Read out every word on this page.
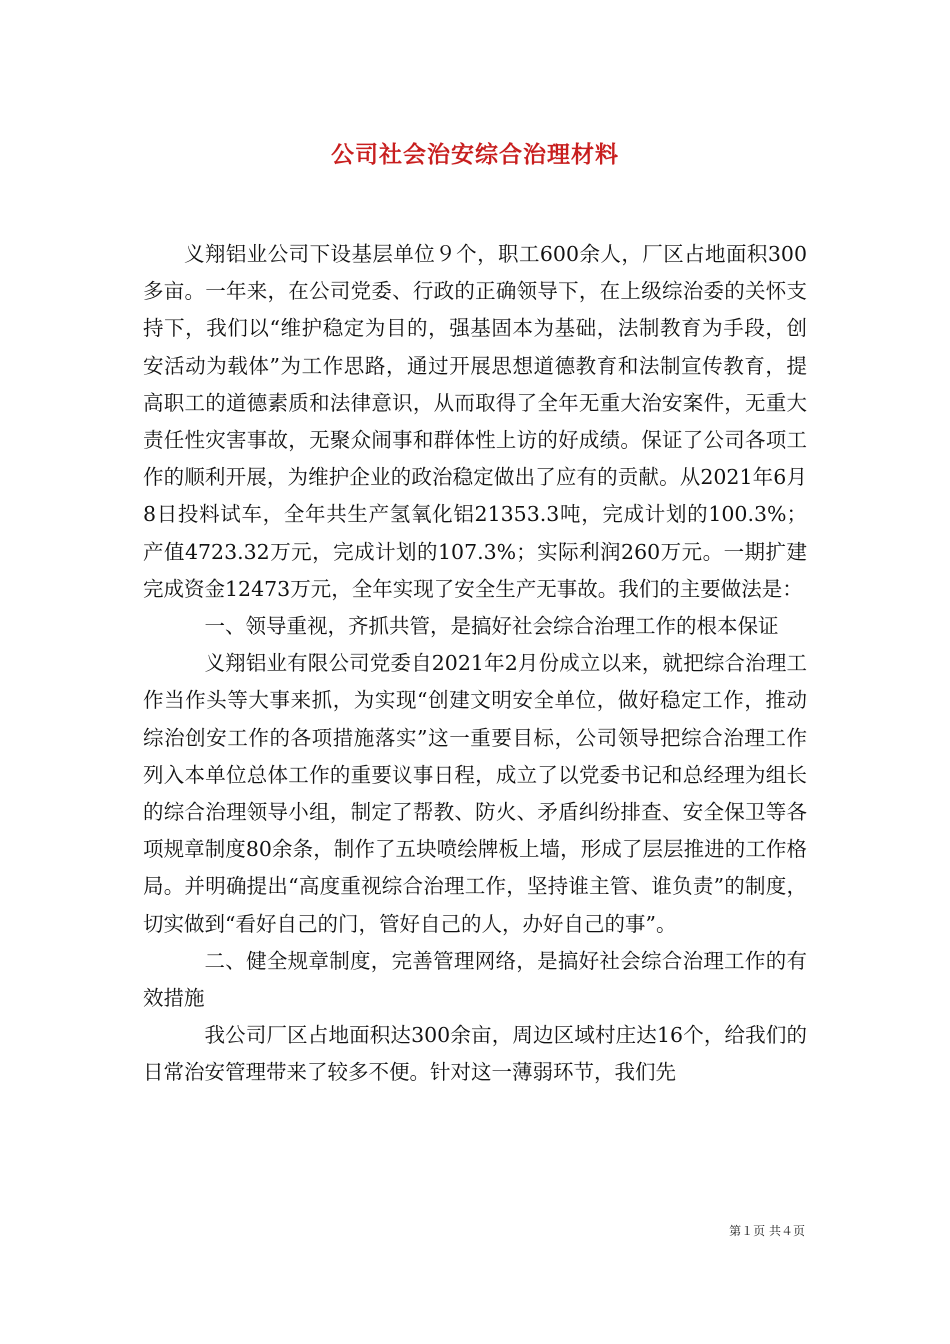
公司社会治安综合治理材料

义翔铝业公司下设基层单位９个，职工600余人，厂区占地面积300多亩。一年来，在公司党委、行政的正确领导下，在上级综治委的关怀支持下，我们以“维护稳定为目的，强基固本为基础，法制教育为手段，创安活动为载体”为工作思路，通过开展思想道德教育和法制宣传教育，提高职工的道德素质和法律意识，从而取得了全年无重大治安案件，无重大责任性灾害事故，无聚众闹事和群体性上访的好成绩。保证了公司各项工作的顺利开展，为维护企业的政治稳定做出了应有的贡献。从2021年6月8日投料试车，全年共生产氢氧化铝21353.3吨，完成计划的100.3%；产值4723.32万元，完成计划的107.3%；实际利润260万元。一期扩建完成资金12473万元，全年实现了安全生产无事故。我们的主要做法是：

一、领导重视，齐抓共管，是搞好社会综合治理工作的根本保证

义翔铝业有限公司党委自2021年2月份成立以来，就把综合治理工作当作头等大事来抓，为实现“创建文明安全单位，做好稳定工作，推动综治创安工作的各项措施落实”这一重要目标，公司领导把综合治理工作列入本单位总体工作的重要议事日程，成立了以党委书记和总经理为组长的综合治理领导小组，制定了帮教、防火、矛盾纠纷排查、安全保卫等各项规章制度80余条，制作了五块喷绘牌板上墙，形成了层层推进的工作格局。并明确提出“高度重视综合治理工作，坚持谁主管、谁负责”的制度，切实做到“看好自己的门，管好自己的人，办好自己的事”。

二、健全规章制度，完善管理网络，是搞好社会综合治理工作的有效措施

我公司厂区占地面积达300余亩，周边区域村庄达16个，给我们的日常治安管理带来了较多不便。针对这一薄弱环节，我们先

第１页 共４页
